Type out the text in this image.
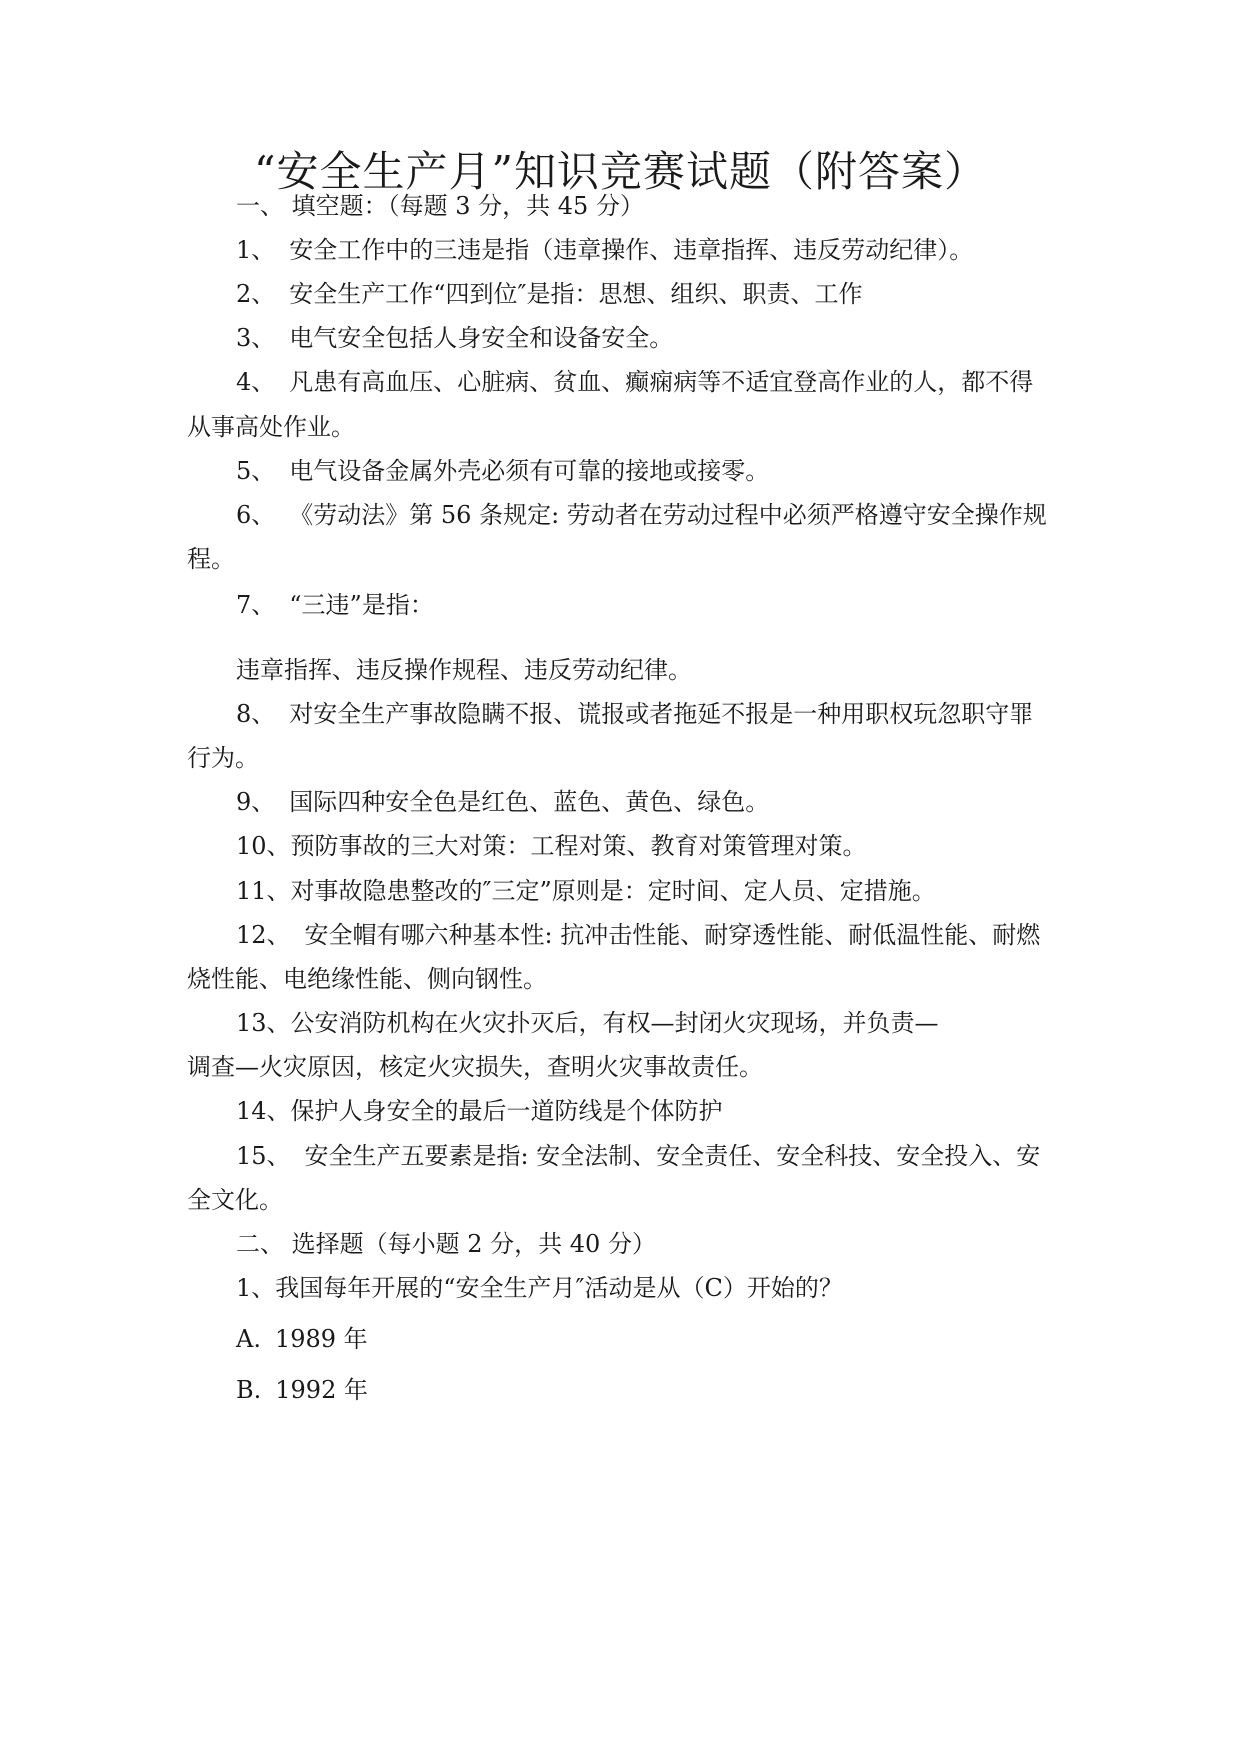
“安全生产月”知识竞赛试题（附答案）
一、 填空题：（每题 3 分，共 45 分）
1、 安全工作中的三违是指（违章操作、违章指挥、违反劳动纪律）。
2、 安全生产工作“四到位″是指：思想、组织、职责、工作
3、 电气安全包括人身安全和设备安全。
4、 凡患有高血压、心脏病、贫血、癫痫病等不适宜登高作业的人，都不得
从事高处作业。
5、 电气设备金属外壳必须有可靠的接地或接零。
6、 《劳动法》第 56 条规定: 劳动者在劳动过程中必须严格遵守安全操作规
程。
7、 “三违”是指：
违章指挥、违反操作规程、违反劳动纪律。
8、 对安全生产事故隐瞒不报、谎报或者拖延不报是一种用职权玩忽职守罪
行为。
9、 国际四种安全色是红色、蓝色、黄色、绿色。
10、预防事故的三大对策：工程对策、教育对策管理对策。
11、对事故隐患整改的″三定”原则是：定时间、定人员、定措施。
12、 安全帽有哪六种基本性: 抗冲击性能、耐穿透性能、耐低温性能、耐燃
烧性能、电绝缘性能、侧向钢性。
13、公安消防机构在火灾扑灭后，有权—封闭火灾现场，并负责—
调查—火灾原因，核定火灾损失，查明火灾事故责任。
14、保护人身安全的最后一道防线是个体防护
15、 安全生产五要素是指: 安全法制、安全责任、安全科技、安全投入、安
全文化。
二、 选择题（每小题 2 分，共 40 分）
1、我国每年开展的“安全生产月″活动是从（C）开始的？
A. 1989 年
B. 1992 年
